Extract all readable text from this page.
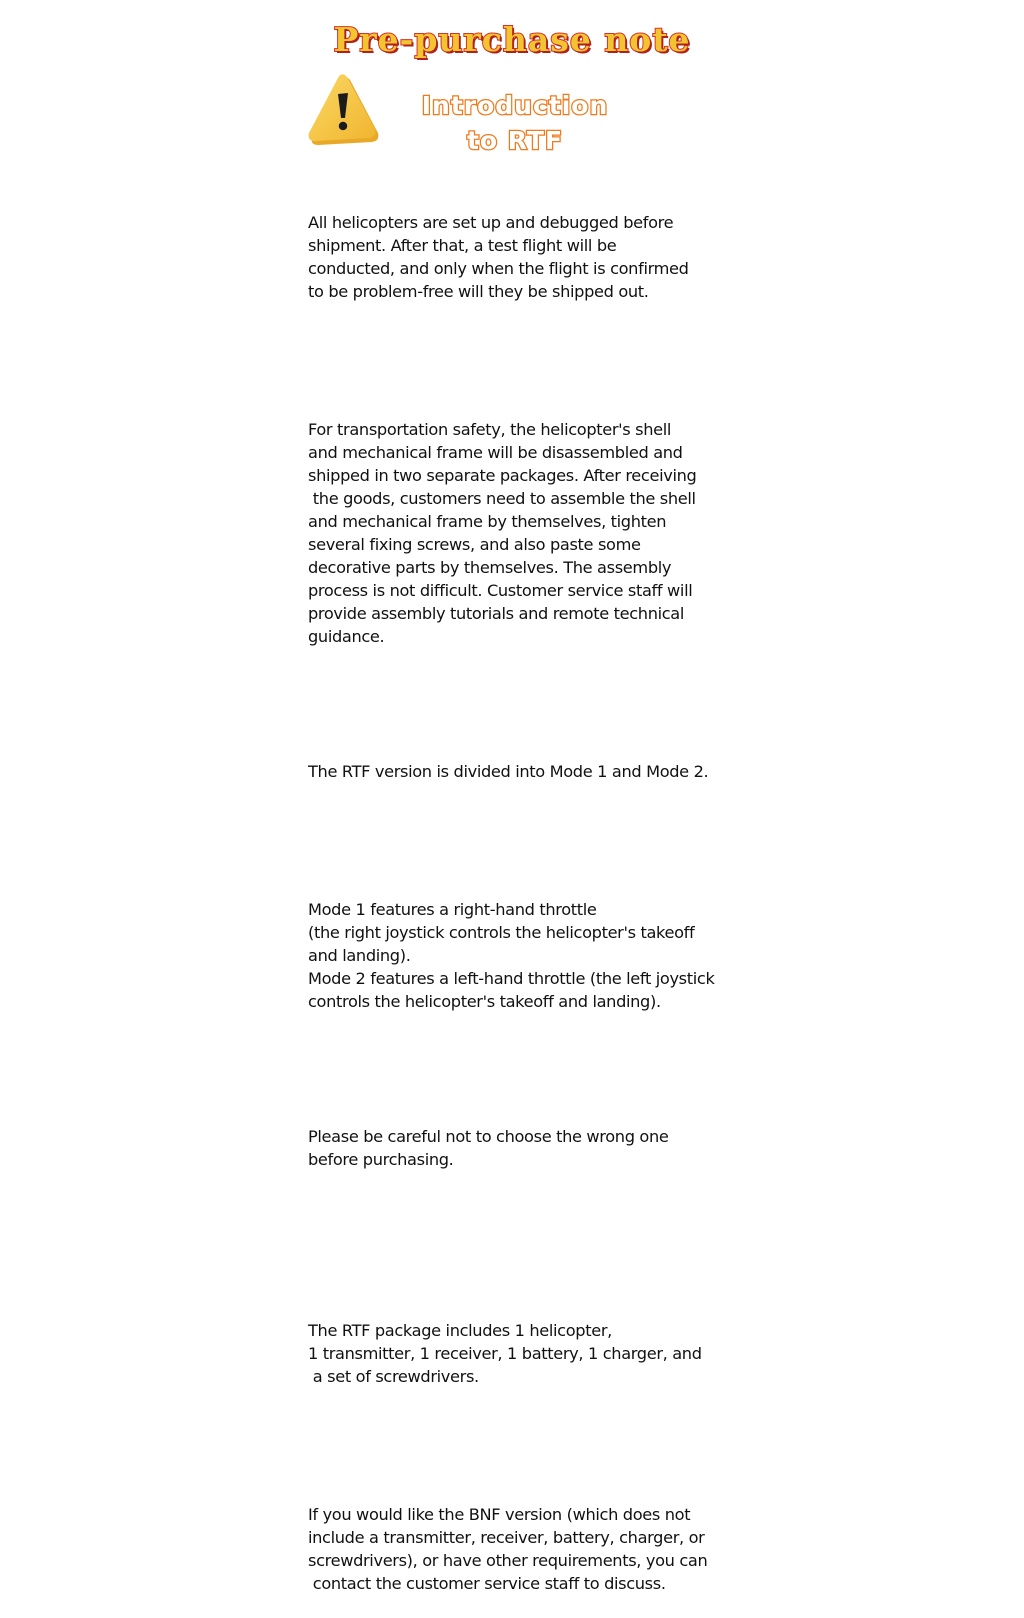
Pre-purchase note
Introduction
to RTF

All helicopters are set up and debugged before
shipment. After that, a test flight will be
conducted, and only when the flight is confirmed
to be problem-free will they be shipped out.

For transportation safety, the helicopter's shell
and mechanical frame will be disassembled and
shipped in two separate packages. After receiving
the goods, customers need to assemble the shell
and mechanical frame by themselves, tighten
several fixing screws, and also paste some
decorative parts by themselves. The assembly
process is not difficult. Customer service staff will
provide assembly tutorials and remote technical
guidance.

The RTF version is divided into Mode 1 and Mode 2.

Mode 1 features a right-hand throttle
(the right joystick controls the helicopter's takeoff
and landing).
Mode 2 features a left-hand throttle (the left joystick
controls the helicopter's takeoff and landing).

Please be careful not to choose the wrong one
before purchasing.

The RTF package includes 1 helicopter,
1 transmitter, 1 receiver, 1 battery, 1 charger, and
a set of screwdrivers.

If you would like the BNF version (which does not
include a transmitter, receiver, battery, charger, or
screwdrivers), or have other requirements, you can
contact the customer service staff to discuss.
